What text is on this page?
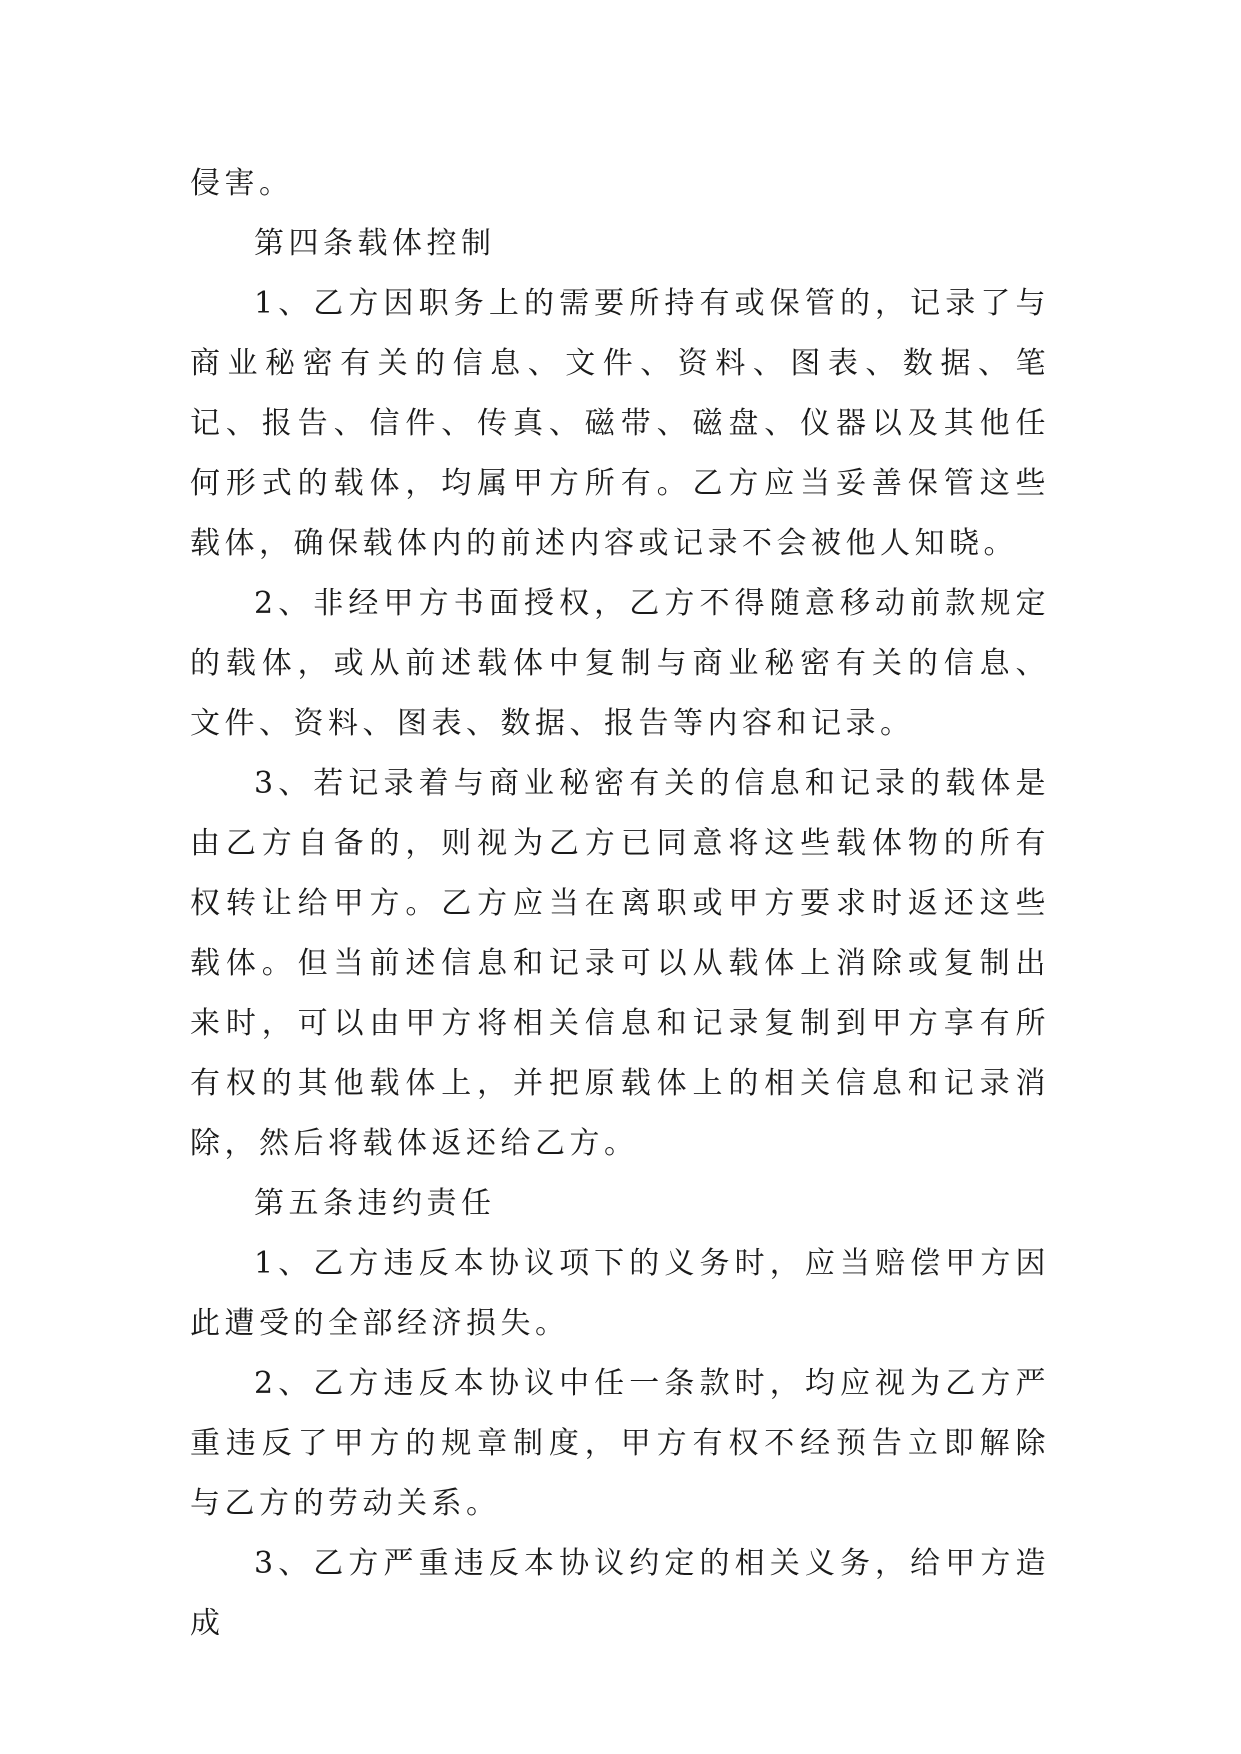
侵害。

第四条载体控制

1、乙方因职务上的需要所持有或保管的，记录了与商业秘密有关的信息、文件、资料、图表、数据、笔记、报告、信件、传真、磁带、磁盘、仪器以及其他任何形式的载体，均属甲方所有。乙方应当妥善保管这些载体，确保载体内的前述内容或记录不会被他人知晓。

2、非经甲方书面授权，乙方不得随意移动前款规定的载体，或从前述载体中复制与商业秘密有关的信息、文件、资料、图表、数据、报告等内容和记录。

3、若记录着与商业秘密有关的信息和记录的载体是由乙方自备的，则视为乙方已同意将这些载体物的所有权转让给甲方。乙方应当在离职或甲方要求时返还这些载体。但当前述信息和记录可以从载体上消除或复制出来时，可以由甲方将相关信息和记录复制到甲方享有所有权的其他载体上，并把原载体上的相关信息和记录消除，然后将载体返还给乙方。

第五条违约责任

1、乙方违反本协议项下的义务时，应当赔偿甲方因此遭受的全部经济损失。

2、乙方违反本协议中任一条款时，均应视为乙方严重违反了甲方的规章制度，甲方有权不经预告立即解除与乙方的劳动关系。

3、乙方严重违反本协议约定的相关义务，给甲方造成
